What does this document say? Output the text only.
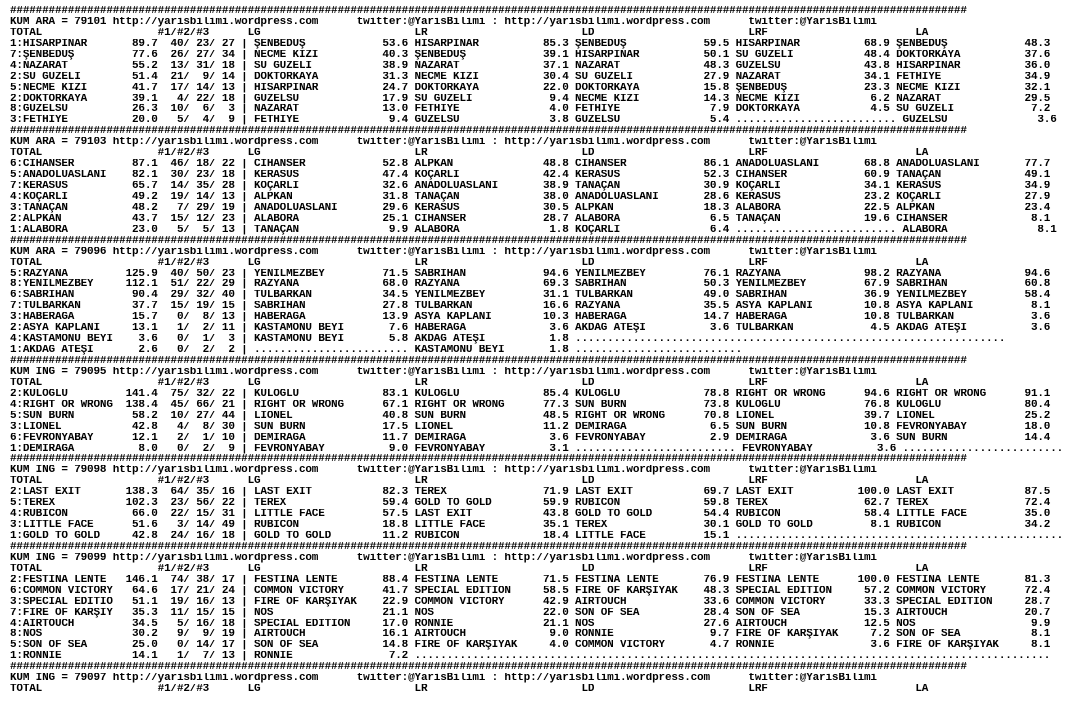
#####################################################################################################################################################
KUM ARA = 79101 http://yarisbilimi.wordpress.com      twitter:@YarisBilimi : http://yarisbilimi.wordpress.com      twitter:@YarisBilimi
TOTAL                  #1/#2/#3      LG                        LR                        LD                        LRF                       LA
1:HİSARPINAR       89.7  40/ 23/ 27 | ŞENBEDÜŞ            53.6 HİSARPINAR          85.3 ŞENBEDÜŞ            59.5 HİSARPINAR          68.9 ŞENBEDÜŞ            48.3
7:ŞENBEDÜŞ         77.6  26/ 27/ 34 | NECME KIZI          40.3 ŞENBEDÜŞ            39.1 HİSARPINAR          50.1 SU GÜZELİ           48.4 DOKTORKAYA          37.6
4:NAZARAT          55.2  13/ 31/ 18 | SU GÜZELİ           38.9 NAZARAT             37.1 NAZARAT             48.3 GÜZELSU             43.8 HİSARPINAR          36.0
2:SU GÜZELİ        51.4  21/  9/ 14 | DOKTORKAYA          31.3 NECME KIZI          30.4 SU GÜZELİ           27.9 NAZARAT             34.1 FETHİYE             34.9
5:NECME KIZI       41.7  17/ 14/ 13 | HİSARPINAR          24.7 DOKTORKAYA          22.0 DOKTORKAYA          15.8 ŞENBEDÜŞ            23.3 NECME KIZI          32.1
2:DOKTORKAYA       39.1   4/ 22/ 18 | GÜZELSU             17.9 SU GÜZELİ            9.4 NECME KIZI          14.3 NECME KIZI           6.2 NAZARAT             29.5
8:GÜZELSU          26.3  10/  6/  3 | NAZARAT             13.0 FETHİYE              4.0 FETHİYE              7.9 DOKTORKAYA           4.5 SU GÜZELİ            7.2
3:FETHİYE          20.0   5/  4/  9 | FETHİYE              9.4 GÜZELSU              3.8 GÜZELSU              5.4 ......................... GÜZELSU              3.6
#####################################################################################################################################################
KUM ARA = 79103 http://yarisbilimi.wordpress.com      twitter:@YarisBilimi : http://yarisbilimi.wordpress.com      twitter:@YarisBilimi
TOTAL                  #1/#2/#3      LG                        LR                        LD                        LRF                       LA
6:CİHANSER         87.1  46/ 18/ 22 | CİHANSER            52.8 ALPKAN              48.8 CİHANSER            86.1 ANADOLUASLANI       68.8 ANADOLUASLANI       77.7
5:ANADOLUASLANI    82.1  30/ 23/ 18 | KERASUS             47.4 KOÇARLI             42.4 KERASUS             52.3 CİHANSER            60.9 TANAÇAN             49.1
7:KERASUS          65.7  14/ 35/ 28 | KOÇARLI             32.6 ANADOLUASLANI       38.9 TANAÇAN             30.9 KOÇARLI             34.1 KERASUS             34.9
4:KOÇARLI          49.2  19/ 14/ 13 | ALPKAN              31.8 TANAÇAN             38.0 ANADOLUASLANI       28.6 KERASUS             23.2 KOÇARLI             27.9
3:TANAÇAN          48.2   7/ 29/ 19 | ANADOLUASLANI       29.6 KERASUS             30.5 ALPKAN              18.3 ALABORA             22.5 ALPKAN              23.4
2:ALPKAN           43.7  15/ 12/ 23 | ALABORA             25.1 CİHANSER            28.7 ALABORA              6.5 TANAÇAN             19.6 CİHANSER             8.1
1:ALABORA          23.0   5/  5/ 13 | TANAÇAN              9.9 ALABORA              1.8 KOÇARLI              6.4 ......................... ALABORA              8.1
#####################################################################################################################################################
KUM ARA = 79096 http://yarisbilimi.wordpress.com      twitter:@YarisBilimi : http://yarisbilimi.wordpress.com      twitter:@YarisBilimi
TOTAL                  #1/#2/#3      LG                        LR                        LD                        LRF                       LA
5:RAZYANA         125.9  40/ 50/ 23 | YENİLMEZBEY         71.5 SABRİHAN            94.6 YENİLMEZBEY         76.1 RAZYANA             98.2 RAZYANA             94.6
8:YENİLMEZBEY     112.1  51/ 22/ 29 | RAZYANA             68.0 RAZYANA             69.3 SABRİHAN            50.3 YENİLMEZBEY         67.9 SABRİHAN            60.8
6:SABRİHAN         90.4  29/ 32/ 40 | TULBARKAN           34.5 YENİLMEZBEY         31.1 TULBARKAN           49.0 SABRİHAN            36.9 YENİLMEZBEY         58.4
7:TULBARKAN        37.7  15/ 19/ 15 | SABRİHAN            27.8 TULBARKAN           16.6 RAZYANA             35.5 ASYA KAPLANI        10.8 ASYA KAPLANI         8.1
3:HABERAĞA         15.7   0/  8/ 13 | HABERAĞA            13.9 ASYA KAPLANI        10.3 HABERAĞA            14.7 HABERAĞA            10.8 TULBARKAN            3.6
2:ASYA KAPLANI     13.1   1/  2/ 11 | KASTAMONU BEYİ       7.6 HABERAĞA             3.6 AKDAĞ ATEŞİ          3.6 TULBARKAN            4.5 AKDAĞ ATEŞİ          3.6
4:KASTAMONU BEYİ    3.6   0/  1/  3 | KASTAMONU BEYİ       5.8 AKDAĞ ATEŞİ          1.8 ...................................................................
1:AKDAĞ ATEŞİ       2.6   0/  2/  2 | ........................ KASTAMONU BEYİ       1.8 ..........................
#####################################################################################################################################################
KUM ING = 79095 http://yarisbilimi.wordpress.com      twitter:@YarisBilimi : http://yarisbilimi.wordpress.com      twitter:@YarisBilimi
TOTAL                  #1/#2/#3      LG                        LR                        LD                        LRF                       LA
2:KULOĞLU         141.4  75/ 32/ 22 | KULOĞLU             83.1 KULOĞLU             85.4 KULOĞLU             78.8 RIGHT OR WRONG      94.6 RIGHT OR WRONG      91.1
4:RIGHT OR WRONG  138.4  45/ 66/ 21 | RIGHT OR WRONG      67.1 RIGHT OR WRONG      77.3 SUN BURN            73.8 KULOĞLU             76.8 KULOĞLU             80.4
5:SUN BURN         58.2  10/ 27/ 44 | LIONEL              40.8 SUN BURN            48.5 RIGHT OR WRONG      70.8 LIONEL              39.7 LIONEL              25.2
3:LIONEL           42.8   4/  8/ 30 | SUN BURN            17.5 LIONEL              11.2 DEMİRAĞA             6.5 SUN BURN            10.8 FEVRONYABAY         18.0
6:FEVRONYABAY      12.1   2/  1/ 10 | DEMİRAĞA            11.7 DEMİRAĞA             3.6 FEVRONYABAY          2.9 DEMİRAĞA             3.6 SUN BURN            14.4
1:DEMİRAĞA          8.0   0/  2/  9 | FEVRONYABAY          9.0 FEVRONYABAY          3.1 ......................... FEVRONYABAY          3.6 .........................
#####################################################################################################################################################
KUM ING = 79098 http://yarisbilimi.wordpress.com      twitter:@YarisBilimi : http://yarisbilimi.wordpress.com      twitter:@YarisBilimi
TOTAL                  #1/#2/#3      LG                        LR                        LD                        LRF                       LA
2:LAST EXIT       138.3  64/ 35/ 16 | LAST EXIT           82.3 TEREX               71.9 LAST EXIT           69.7 LAST EXIT          100.0 LAST EXIT           87.5
5:TEREX           102.3  23/ 56/ 22 | TEREX               59.4 GOLD TO GOLD        59.9 RUBICON             59.8 TEREX               62.7 TEREX               72.4
4:RUBICON          66.0  22/ 15/ 31 | LITTLE FACE         57.5 LAST EXIT           43.8 GOLD TO GOLD        54.4 RUBICON             58.4 LITTLE FACE         35.0
3:LITTLE FACE      51.6   3/ 14/ 49 | RUBICON             18.8 LITTLE FACE         35.1 TEREX               30.1 GOLD TO GOLD         8.1 RUBICON             34.2
1:GOLD TO GOLD     42.8  24/ 16/ 18 | GOLD TO GOLD        11.2 RUBICON             18.4 LITTLE FACE         15.1 ...................................................
#####################################################################################################################################################
KUM ING = 79099 http://yarisbilimi.wordpress.com      twitter:@YarisBilimi : http://yarisbilimi.wordpress.com      twitter:@YarisBilimi
TOTAL                  #1/#2/#3      LG                        LR                        LD                        LRF                       LA
2:FESTINA LENTE   146.1  74/ 38/ 17 | FESTINA LENTE       88.4 FESTINA LENTE       71.5 FESTINA LENTE       76.9 FESTINA LENTE      100.0 FESTINA LENTE       81.3
6:COMMON VICTORY   64.6  17/ 21/ 24 | COMMON VICTORY      41.7 SPECIAL EDITION     58.5 FIRE OF KARŞIYAK    48.3 SPECIAL EDITION     57.2 COMMON VICTORY      72.4
3:SPECIAL EDITIO   51.1  19/ 16/ 13 | FIRE OF KARŞIYAK    22.9 COMMON VICTORY      42.9 AIRTOUCH            33.6 COMMON VICTORY      33.3 SPECIAL EDITION     28.7
7:FIRE OF KARŞIY   35.3  11/ 15/ 15 | NOS                 21.1 NOS                 22.0 SON OF SEA          28.4 SON OF SEA          15.3 AIRTOUCH            20.7
4:AIRTOUCH         34.5   5/ 16/ 18 | SPECIAL EDITION     17.0 RONNIE              21.1 NOS                 27.6 AIRTOUCH            12.5 NOS                  9.9
8:NOS              30.2   9/  9/ 19 | AIRTOUCH            16.1 AIRTOUCH             9.0 RONNIE               9.7 FIRE OF KARŞIYAK     7.2 SON OF SEA           8.1
5:SON OF SEA       25.0   0/ 14/ 17 | SON OF SEA          14.8 FIRE OF KARŞIYAK     4.0 COMMON VICTORY       4.7 RONNIE               3.6 FIRE OF KARŞIYAK     8.1
1:RONNIE           14.1   1/  7/ 13 | RONNIE               7.2 ...................................................................................................
#####################################################################################################################################################
KUM ING = 79097 http://yarisbilimi.wordpress.com      twitter:@YarisBilimi : http://yarisbilimi.wordpress.com      twitter:@YarisBilimi
TOTAL                  #1/#2/#3      LG                        LR                        LD                        LRF                       LA
